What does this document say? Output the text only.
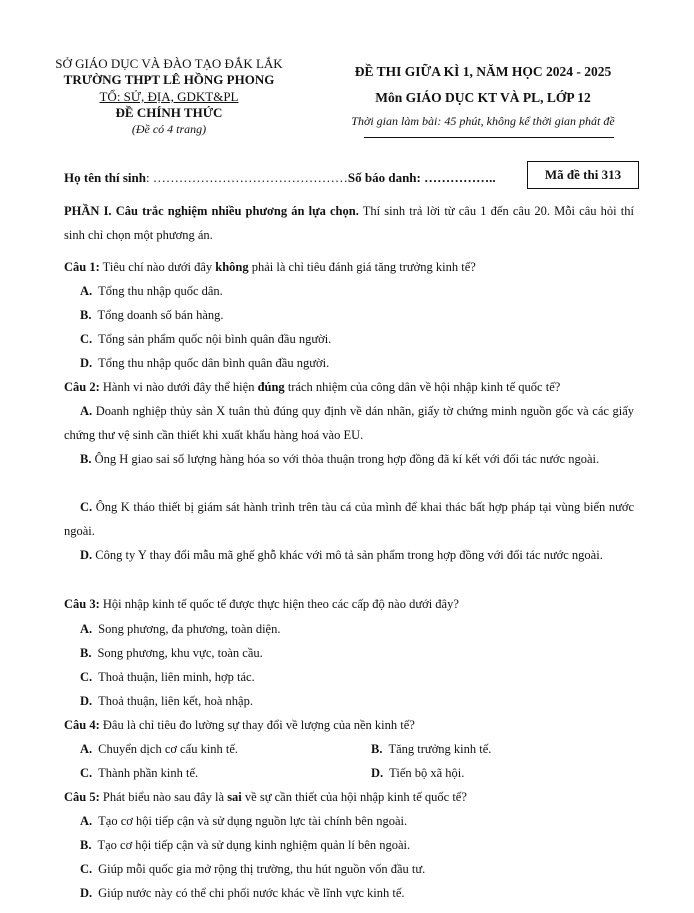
SỞ GIÁO DỤC VÀ ĐÀO TẠO ĐẮK LẮK
TRƯỜNG THPT LÊ HỒNG PHONG
TỔ: SỬ, ĐỊA, GDKT&PL
ĐỀ CHÍNH THỨC
(Đề có 4 trang)
ĐỀ THI GIỮA KÌ 1, NĂM HỌC 2024 - 2025
Môn GIÁO DỤC KT VÀ PL, LỚP 12
Thời gian làm bài: 45 phút, không kể thời gian phát đề
Họ tên thí sinh: ………………………………………Số báo danh: ……………..	Mã đề thi 313
PHẦN I. Câu trắc nghiệm nhiều phương án lựa chọn. Thí sinh trả lời từ câu 1 đến câu 20. Mỗi câu hỏi thí sinh chỉ chọn một phương án.
Câu 1: Tiêu chí nào dưới đây không phải là chỉ tiêu đánh giá tăng trưởng kinh tế?
A. Tổng thu nhập quốc dân.
B. Tổng doanh số bán hàng.
C. Tổng sản phẩm quốc nội bình quân đầu người.
D. Tổng thu nhập quốc dân bình quân đầu người.
Câu 2: Hành vi nào dưới đây thể hiện đúng trách nhiệm của công dân về hội nhập kinh tế quốc tế?
A. Doanh nghiệp thủy sản X tuân thủ đúng quy định về dán nhãn, giấy tờ chứng minh nguồn gốc và các giấy chứng thư vệ sinh cần thiết khi xuất khẩu hàng hoá vào EU.
B. Ông H giao sai số lượng hàng hóa so với thỏa thuận trong hợp đồng đã kí kết với đối tác nước ngoài.
C. Ông K tháo thiết bị giám sát hành trình trên tàu cá của mình để khai thác bất hợp pháp tại vùng biển nước ngoài.
D. Công ty Y thay đổi mẫu mã ghế ghỗ khác với mô tả sản phẩm trong hợp đồng với đối tác nước ngoài.
Câu 3: Hội nhập kinh tế quốc tế được thực hiện theo các cấp độ nào dưới đây?
A. Song phương, đa phương, toàn diện.
B. Song phương, khu vực, toàn cầu.
C. Thoả thuận, liên minh, hợp tác.
D. Thoả thuận, liên kết, hoà nhập.
Câu 4: Đâu là chỉ tiêu đo lường sự thay đổi về lượng của nền kinh tế?
A. Chuyển dịch cơ cấu kinh tế.	B. Tăng trưởng kinh tế.
C. Thành phần kinh tế.	D. Tiến bộ xã hội.
Câu 5: Phát biểu nào sau đây là sai về sự cần thiết của hội nhập kinh tế quốc tế?
A. Tạo cơ hội tiếp cận và sử dụng nguồn lực tài chính bên ngoài.
B. Tạo cơ hội tiếp cận và sử dụng kinh nghiệm quản lí bên ngoài.
C. Giúp mỗi quốc gia mở rộng thị trường, thu hút nguồn vốn đầu tư.
D. Giúp nước này có thể chi phối nước khác về lĩnh vực kinh tế.
